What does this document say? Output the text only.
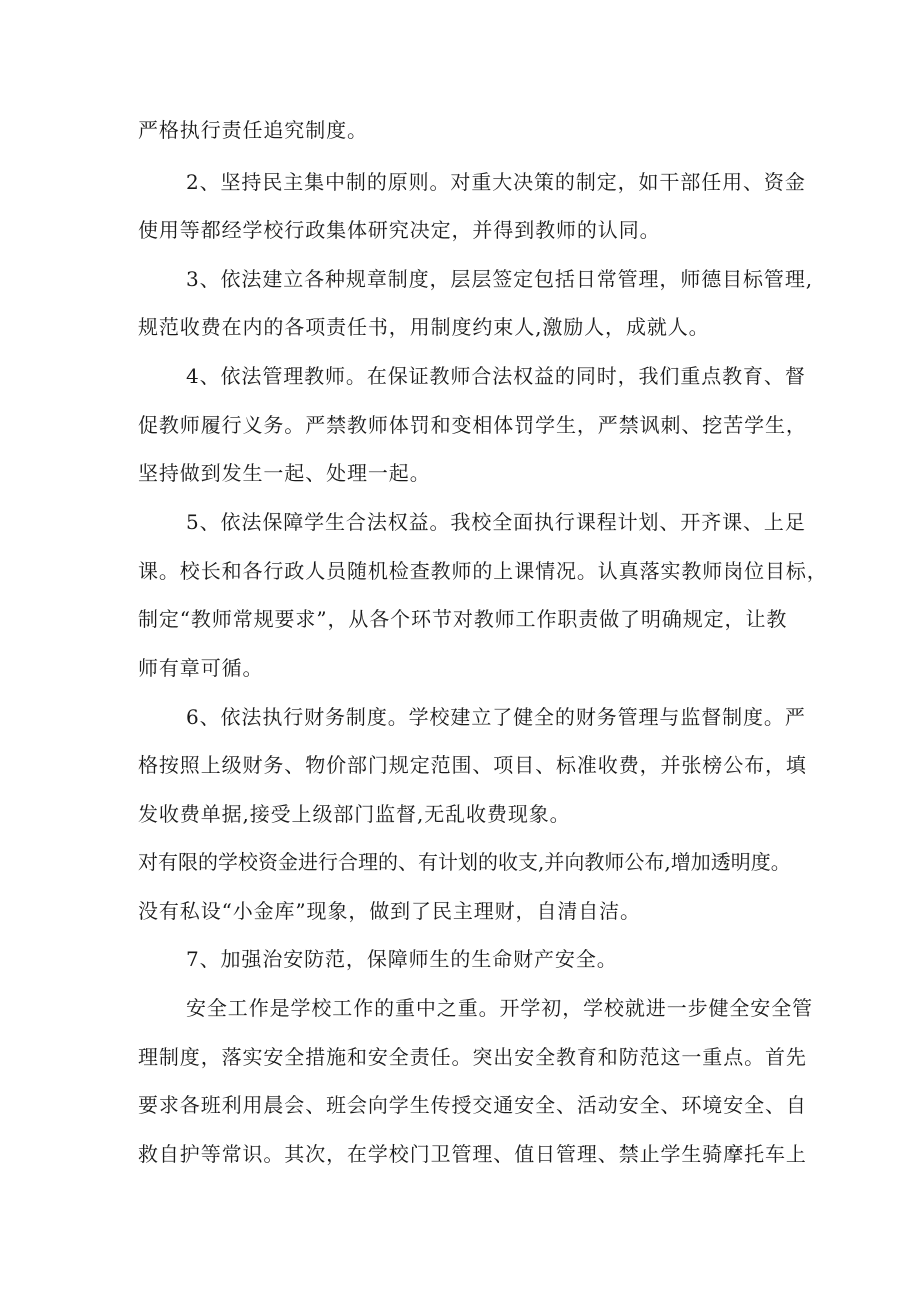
严格执行责任追究制度。
2、坚持民主集中制的原则。对重大决策的制定，如干部任用、资金
使用等都经学校行政集体研究决定，并得到教师的认同。
3、依法建立各种规章制度，层层签定包括日常管理，师德目标管理,
规范收费在内的各项责任书，用制度约束人,激励人，成就人。
4、依法管理教师。在保证教师合法权益的同时，我们重点教育、督
促教师履行义务。严禁教师体罚和变相体罚学生，严禁讽刺、挖苦学生，
坚持做到发生一起、处理一起。
5、依法保障学生合法权益。我校全面执行课程计划、开齐课、上足
课。校长和各行政人员随机检查教师的上课情况。认真落实教师岗位目标，
制定“教师常规要求”，从各个环节对教师工作职责做了明确规定，让教
师有章可循。
6、依法执行财务制度。学校建立了健全的财务管理与监督制度。严
格按照上级财务、物价部门规定范围、项目、标准收费，并张榜公布，填
发收费单据,接受上级部门监督,无乱收费现象。
对有限的学校资金进行合理的、有计划的收支,并向教师公布,增加透明度。
没有私设“小金库”现象，做到了民主理财，自清自洁。
7、加强治安防范，保障师生的生命财产安全。
安全工作是学校工作的重中之重。开学初，学校就进一步健全安全管
理制度，落实安全措施和安全责任。突出安全教育和防范这一重点。首先
要求各班利用晨会、班会向学生传授交通安全、活动安全、环境安全、自
救自护等常识。其次，在学校门卫管理、值日管理、禁止学生骑摩托车上
